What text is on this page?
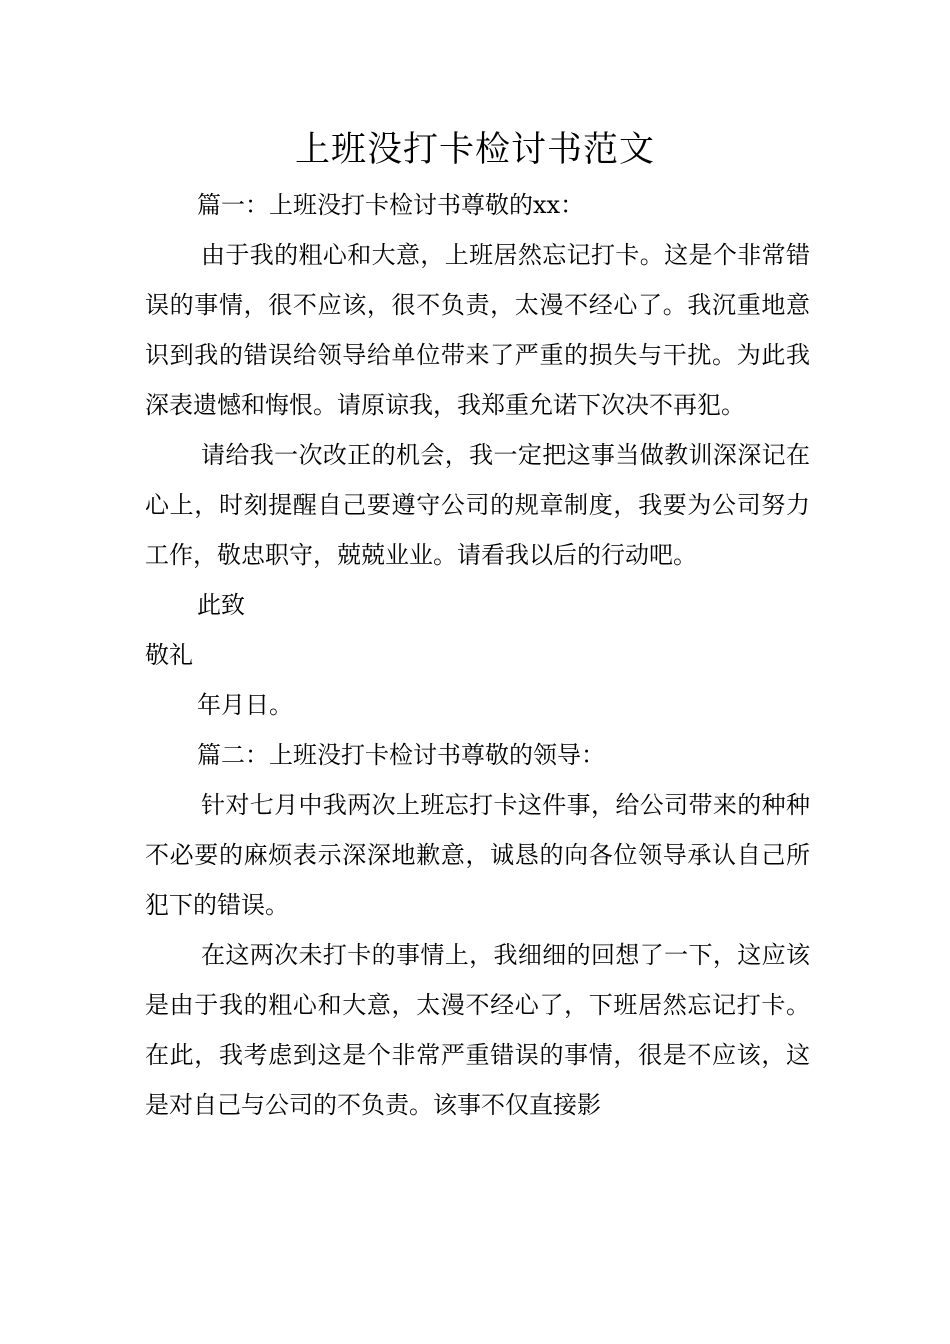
上班没打卡检讨书范文

篇一：上班没打卡检讨书尊敬的xx：

由于我的粗心和大意，上班居然忘记打卡。这是个非常错误的事情，很不应该，很不负责，太漫不经心了。我沉重地意识到我的错误给领导给单位带来了严重的损失与干扰。为此我深表遗憾和悔恨。请原谅我，我郑重允诺下次决不再犯。

请给我一次改正的机会，我一定把这事当做教训深深记在心上，时刻提醒自己要遵守公司的规章制度，我要为公司努力工作，敬忠职守，兢兢业业。请看我以后的行动吧。

此致

敬礼

年月日。

篇二：上班没打卡检讨书尊敬的领导：

针对七月中我两次上班忘打卡这件事，给公司带来的种种不必要的麻烦表示深深地歉意，诚恳的向各位领导承认自己所犯下的错误。

在这两次未打卡的事情上，我细细的回想了一下，这应该是由于我的粗心和大意，太漫不经心了，下班居然忘记打卡。在此，我考虑到这是个非常严重错误的事情，很是不应该，这是对自己与公司的不负责。该事不仅直接影
